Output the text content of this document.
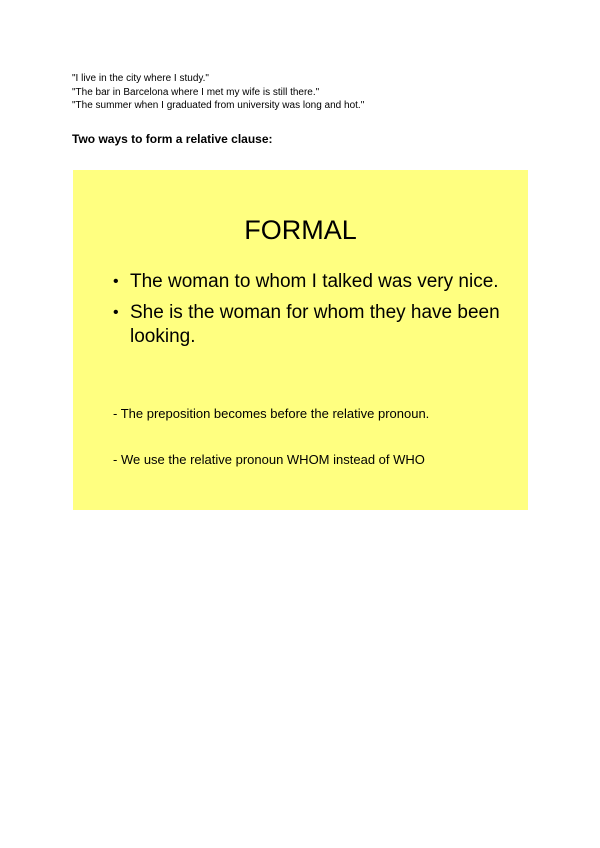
"I live in the city where I study."
"The bar in Barcelona where I met my wife is still there."
"The summer when I graduated from university was long and hot."
Two ways to form a relative clause:
FORMAL
• The woman to whom I talked was very nice.
• She is the woman for whom they have been looking.
- The preposition becomes before the relative pronoun.
- We use the relative pronoun WHOM instead of WHO
